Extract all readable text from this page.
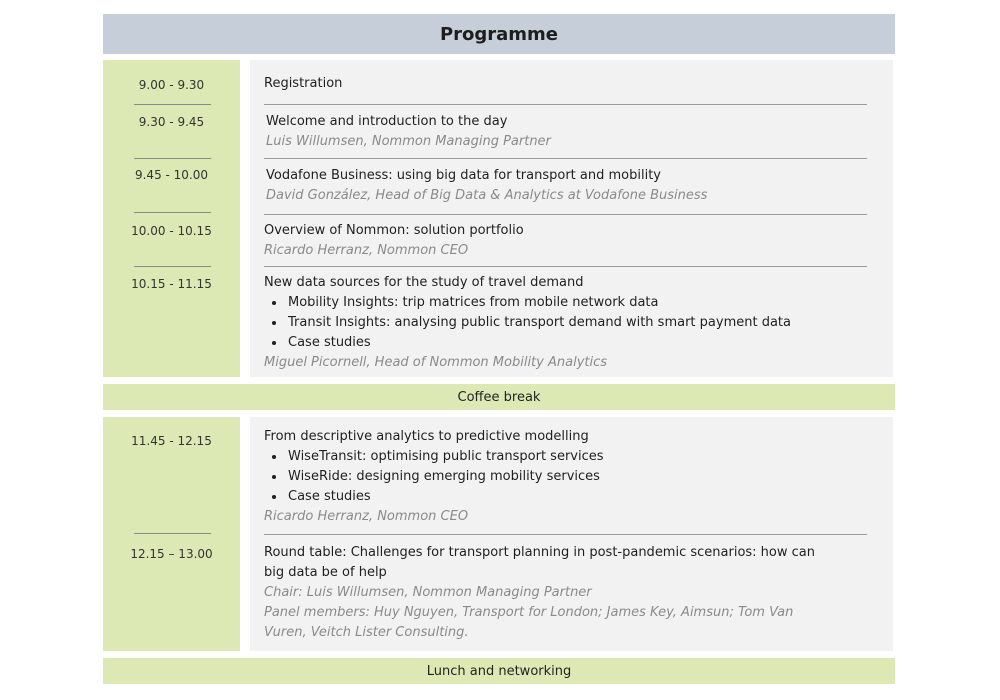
Programme
9.00 - 9.30
9.30 - 9.45
9.45 - 10.00
10.00 - 10.15
10.15 - 11.15
Registration
Welcome and introduction to the day
Luis Willumsen, Nommon Managing Partner
Vodafone Business: using big data for transport and mobility
David González, Head of Big Data & Analytics at Vodafone Business
Overview of Nommon: solution portfolio
Ricardo Herranz, Nommon CEO
New data sources for the study of travel demand
• Mobility Insights: trip matrices from mobile network data
• Transit Insights: analysing public transport demand with smart payment data
• Case studies
Miguel Picornell, Head of Nommon Mobility Analytics
Coffee break
11.45 - 12.15
12.15 – 13.00
From descriptive analytics to predictive modelling
• WiseTransit: optimising public transport services
• WiseRide: designing emerging mobility services
• Case studies
Ricardo Herranz, Nommon CEO
Round table: Challenges for transport planning in post-pandemic scenarios: how can
big data be of help
Chair: Luis Willumsen, Nommon Managing Partner
Panel members: Huy Nguyen, Transport for London; James Key, Aimsun; Tom Van
Vuren, Veitch Lister Consulting.
Lunch and networking
